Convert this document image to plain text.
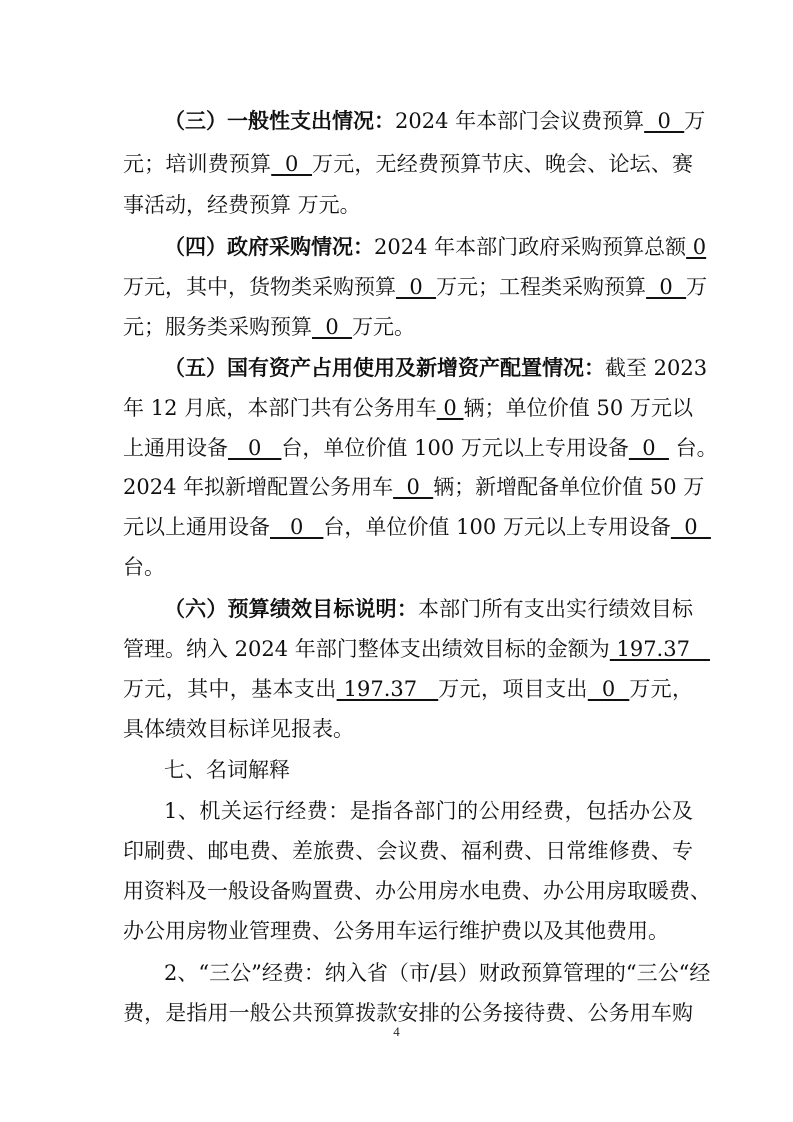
（三）一般性支出情况：2024 年本部门会议费预算  0  万
元；培训费预算  0  万元，无经费预算节庆、晚会、论坛、赛
事活动，经费预算 万元。
（四）政府采购情况：2024 年本部门政府采购预算总额 0
万元，其中，货物类采购预算  0  万元；工程类采购预算  0  万
元；服务类采购预算  0  万元。
（五）国有资产占用使用及新增资产配置情况：截至 2023
年 12 月底，本部门共有公务用车 0 辆；单位价值 50 万元以
上通用设备   0   台，单位价值 100 万元以上专用设备  0   台。
2024 年拟新增配置公务用车  0  辆；新增配备单位价值 50 万
元以上通用设备   0   台，单位价值 100 万元以上专用设备  0
台。
（六）预算绩效目标说明：本部门所有支出实行绩效目标
管理。纳入 2024 年部门整体支出绩效目标的金额为 197.37
万元，其中，基本支出 197.37   万元，项目支出  0  万元，
具体绩效目标详见报表。
七、名词解释
1、机关运行经费：是指各部门的公用经费，包括办公及
印刷费、邮电费、差旅费、会议费、福利费、日常维修费、专
用资料及一般设备购置费、办公用房水电费、办公用房取暖费、
办公用房物业管理费、公务用车运行维护费以及其他费用。
2、“三公”经费：纳入省（市/县）财政预算管理的“三公“经
费，是指用一般公共预算拨款安排的公务接待费、公务用车购
4
